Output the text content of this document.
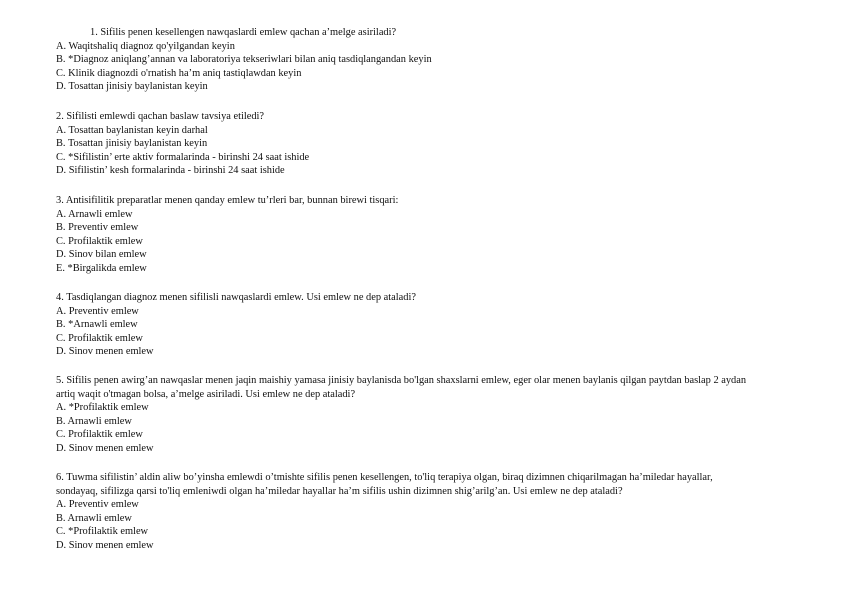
1. Sifilis penen kesellengen nawqaslardi emlew qachan a’melge asiriladi?

A. Waqitshaliq diagnoz qo'yilgandan keyin

B. *Diagnoz aniqlang’annan va laboratoriya tekseriwlari bilan aniq tasdiqlangandan keyin

C. Klinik diagnozdi o'rnatish ha’m aniq tastiqlawdan keyin

D. Tosattan jinisiy baylanistan keyin

2. Sifilisti emlewdi qachan baslaw tavsiya etiledi?

A. Tosattan baylanistan keyin darhal

B. Tosattan jinisiy baylanistan keyin

C. *Sifilistin’ erte aktiv formalarinda - birinshi 24 saat ishide

D. Sifilistin’ kesh formalarinda - birinshi 24 saat ishide

3. Antisifilitik preparatlar menen qanday emlew tu’rleri bar, bunnan birewi tisqari:

A. Arnawli emlew

B. Preventiv emlew

C. Profilaktik emlew

D. Sinov bilan emlew

E. *Birgalikda emlew

4. Tasdiqlangan diagnoz menen sifilisli nawqaslardi emlew. Usi emlew ne dep ataladi?

A. Preventiv emlew

B. *Arnawli emlew

C. Profilaktik emlew

D. Sinov menen emlew

5. Sifilis penen awirg’an nawqaslar menen jaqin maishiy yamasa jinisiy baylanisda bo'lgan shaxslarni emlew, eger olar menen baylanis qilgan paytdan baslap 2 aydan artiq waqit o'tmagan bolsa, a’melge asiriladi. Usi emlew ne dep ataladi?

A. *Profilaktik emlew

B. Arnawli emlew

C. Profilaktik emlew

D. Sinov menen emlew

6. Tuwma sifilistin’ aldin aliw bo’yinsha emlewdi o’tmishte sifilis penen kesellengen, to'liq terapiya olgan, biraq dizimnen chiqarilmagan ha’miledar hayallar, sondayaq, sifilizga qarsi to'liq emleniwdi olgan ha’miledar hayallar ha’m sifilis ushin dizimnen shig’arilg’an. Usi emlew ne dep ataladi?

A. Preventiv emlew

B. Arnawli emlew

C. *Profilaktik emlew

D. Sinov menen emlew
